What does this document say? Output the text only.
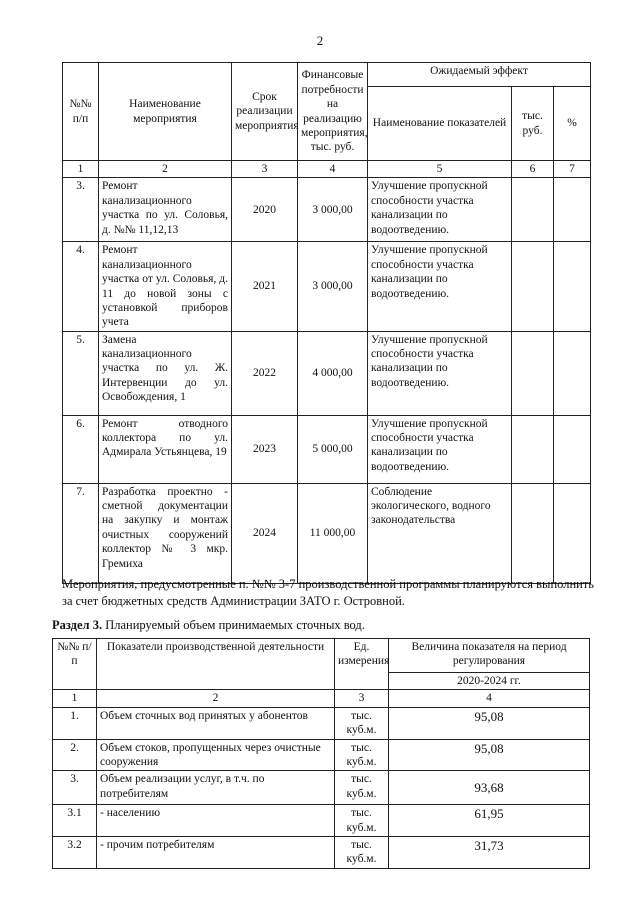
2
№№ п/п	Наименование мероприятия	Срок реализации мероприятия	Финансовые потребности на реализацию мероприятия, тыс. руб.	Ожидаемый эффект		
				Наименование показателей	тыс. руб.	%
1	2	3	4	5	6	7
3.	Ремонт канализационного участка по ул. Соловья, д. №№ 11,12,13	2020	3 000,00	Улучшение пропускной способности участка канализации по водоотведению.		
4.	Ремонт канализационного участка от ул. Соловья, д. 11 до новой зоны с установкой приборов учета	2021	3 000,00	Улучшение пропускной способности участка канализации по водоотведению.		
5.	Замена канализационного участка по ул. Ж. Интервенции до ул. Освобождения, 1	2022	4 000,00	Улучшение пропускной способности участка канализации по водоотведению.		
6.	Ремонт отводного коллектора по ул. Адмирала Устьянцева, 19	2023	5 000,00	Улучшение пропускной способности участка канализации по водоотведению.		
7.	Разработка проектно - сметной документации на закупку и монтаж очистных сооружений коллектор № 3 мкр. Гремиха	2024	11 000,00	Соблюдение экологического, водного законодательства		
Мероприятия, предусмотренные п. №№ 3-7 производственной программы планируются выполнить за счет бюджетных средств Администрации ЗАТО г. Островной.
Раздел 3. Планируемый объем принимаемых сточных вод.
№№ п/п	Показатели производственной деятельности	Ед. измерения	Величина показателя на период регулирования
			2020-2024 гг.
1	2	3	4
1.	Объем сточных вод принятых у абонентов	тыс. куб.м.	95,08
2.	Объем стоков, пропущенных через очистные сооружения	тыс. куб.м.	95,08
3.	Объем реализации услуг, в т.ч. по потребителям	тыс. куб.м.	93,68
3.1	- населению	тыс. куб.м.	61,95
3.2	- прочим потребителям	тыс. куб.м.	31,73
